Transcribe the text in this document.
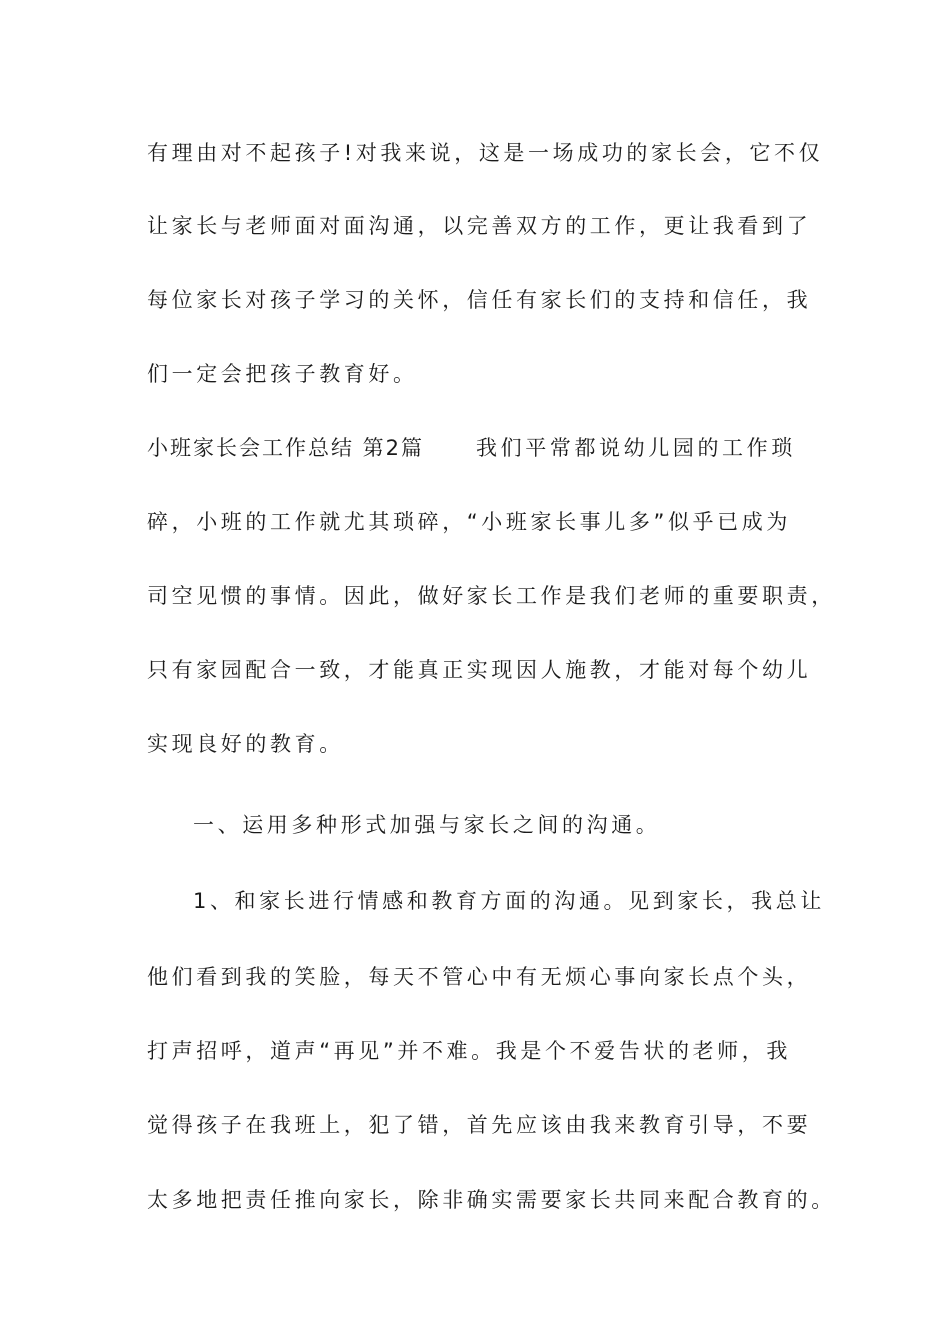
有理由对不起孩子!对我来说，这是一场成功的家长会，它不仅
让家长与老师面对面沟通，以完善双方的工作，更让我看到了
每位家长对孩子学习的关怀，信任有家长们的支持和信任，我
们一定会把孩子教育好。
小班家长会工作总结 第2篇 我们平常都说幼儿园的工作琐
碎，小班的工作就尤其琐碎，“小班家长事儿多”似乎已成为
司空见惯的事情。因此，做好家长工作是我们老师的重要职责，
只有家园配合一致，才能真正实现因人施教，才能对每个幼儿
实现良好的教育。
一、运用多种形式加强与家长之间的沟通。
1、和家长进行情感和教育方面的沟通。见到家长，我总让
他们看到我的笑脸，每天不管心中有无烦心事向家长点个头，
打声招呼，道声“再见”并不难。我是个不爱告状的老师，我
觉得孩子在我班上，犯了错，首先应该由我来教育引导，不要
太多地把责任推向家长，除非确实需要家长共同来配合教育的。
